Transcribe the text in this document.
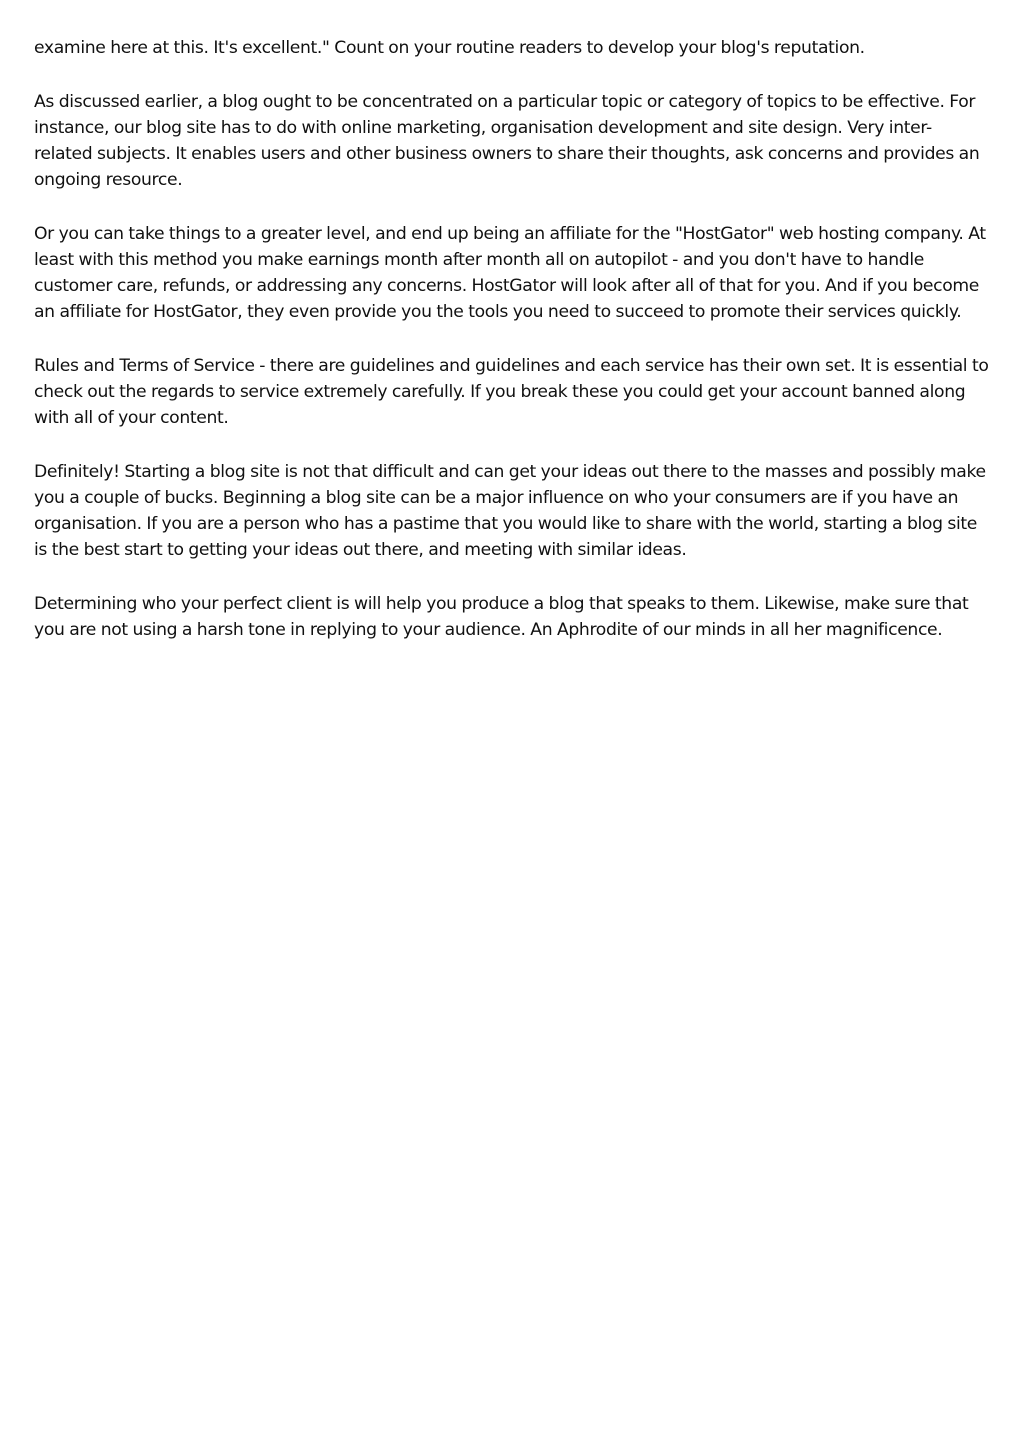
examine here at this. It's excellent." Count on your routine readers to develop your blog's reputation.

As discussed earlier, a blog ought to be concentrated on a particular topic or category of topics to be effective. For instance, our blog site has to do with online marketing, organisation development and site design. Very inter-related subjects. It enables users and other business owners to share their thoughts, ask concerns and provides an ongoing resource.

Or you can take things to a greater level, and end up being an affiliate for the "HostGator" web hosting company. At least with this method you make earnings month after month all on autopilot - and you don't have to handle customer care, refunds, or addressing any concerns. HostGator will look after all of that for you. And if you become an affiliate for HostGator, they even provide you the tools you need to succeed to promote their services quickly.

Rules and Terms of Service - there are guidelines and guidelines and each service has their own set. It is essential to check out the regards to service extremely carefully. If you break these you could get your account banned along with all of your content.

Definitely! Starting a blog site is not that difficult and can get your ideas out there to the masses and possibly make you a couple of bucks. Beginning a blog site can be a major influence on who your consumers are if you have an organisation. If you are a person who has a pastime that you would like to share with the world, starting a blog site is the best start to getting your ideas out there, and meeting with similar ideas.

Determining who your perfect client is will help you produce a blog that speaks to them. Likewise, make sure that you are not using a harsh tone in replying to your audience. An Aphrodite of our minds in all her magnificence.
